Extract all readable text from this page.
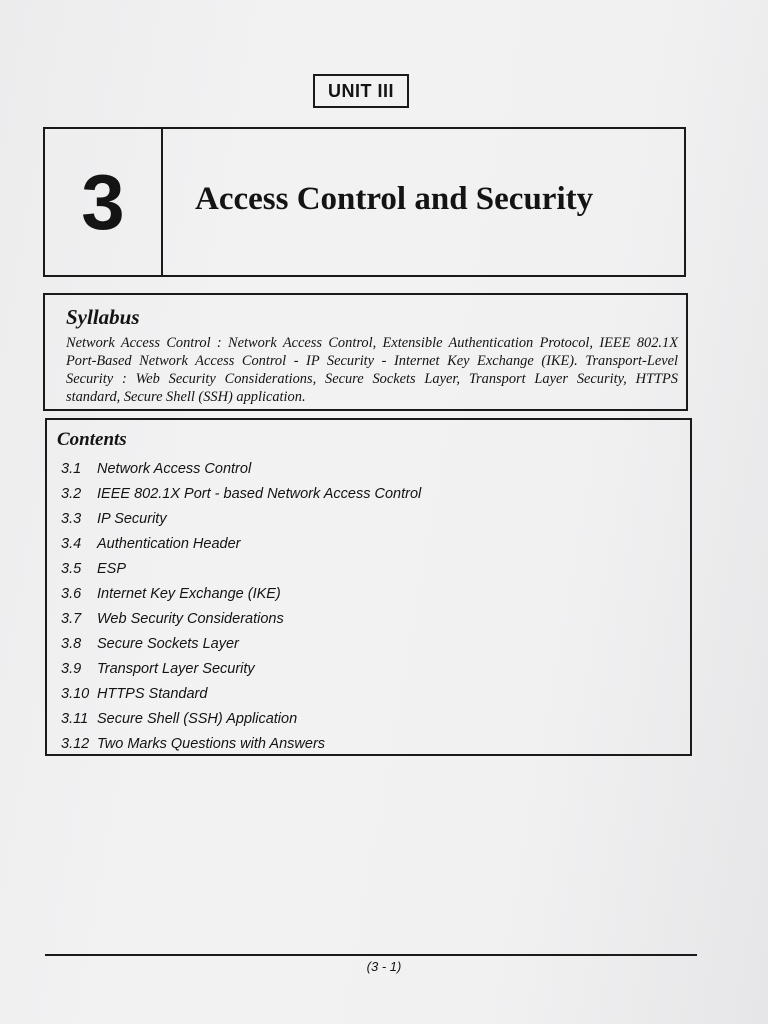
UNIT III
3 Access Control and Security
Syllabus
Network Access Control : Network Access Control, Extensible Authentication Protocol, IEEE 802.1X Port-Based Network Access Control - IP Security - Internet Key Exchange (IKE). Transport-Level Security : Web Security Considerations, Secure Sockets Layer, Transport Layer Security, HTTPS standard, Secure Shell (SSH) application.
Contents
3.1	Network Access Control
3.2	IEEE 802.1X Port - based Network Access Control
3.3	IP Security
3.4	Authentication Header
3.5	ESP
3.6	Internet Key Exchange (IKE)
3.7	Web Security Considerations
3.8	Secure Sockets Layer
3.9	Transport Layer Security
3.10 HTTPS Standard
3.11 Secure Shell (SSH) Application
3.12 Two Marks Questions with Answers
(3 - 1)
